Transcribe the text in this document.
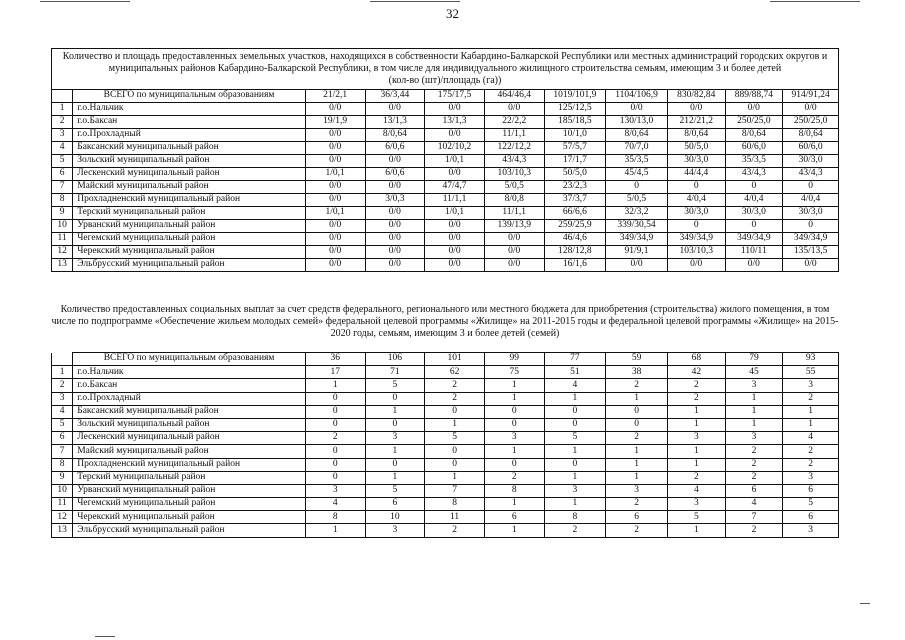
32
Количество и площадь предоставленных земельных участков, находящихся в собственности Кабардино-Балкарской Республики или местных администраций городских округов и муниципальных районов Кабардино-Балкарской Республики, в том числе для индивидуального жилищного строительства семьям, имеющим 3 и более детей
(кол-во (шт)/площадь (га))										

	ВСЕГО по муниципальным образованиям	21/2,1	36/3,44	175/17,5	464/46,4	1019/101,9	1104/106,9	830/82,84	889/88,74	914/91,24
1	г.о.Нальчик	0/0	0/0	0/0	0/0	125/12,5	0/0	0/0	0/0	0/0
2	г.о.Баксан	19/1,9	13/1,3	13/1,3	22/2,2	185/18,5	130/13,0	212/21,2	250/25,0	250/25,0
3	г.о.Прохладный	0/0	8/0,64	0/0	11/1,1	10/1,0	8/0,64	8/0,64	8/0,64	8/0,64
4	Баксанский муниципальный район	0/0	6/0,6	102/10,2	122/12,2	57/5,7	70/7,0	50/5,0	60/6,0	60/6,0
5	Зольский муниципальный район	0/0	0/0	1/0,1	43/4,3	17/1,7	35/3,5	30/3,0	35/3,5	30/3,0
6	Лескенский муниципальный район	1/0,1	6/0,6	0/0	103/10,3	50/5,0	45/4,5	44/4,4	43/4,3	43/4,3
7	Майский муниципальный район	0/0	0/0	47/4,7	5/0,5	23/2,3	0	0	0	0
8	Прохладненский муниципальный район	0/0	3/0,3	11/1,1	8/0,8	37/3,7	5/0,5	4/0,4	4/0,4	4/0,4
9	Терский муниципальный район	1/0,1	0/0	1/0,1	11/1,1	66/6,6	32/3,2	30/3,0	30/3,0	30/3,0
10	Урванский муниципальный район	0/0	0/0	0/0	139/13,9	259/25,9	339/30,54	0	0	0
11	Чегемский муниципальный район	0/0	0/0	0/0	0/0	46/4,6	349/34,9	349/34,9	349/34,9	349/34,9
12	Черекский муниципальный район	0/0	0/0	0/0	0/0	128/12,8	91/9,1	103/10,3	110/11	135/13,5
13	Эльбрусский муниципальный район	0/0	0/0	0/0	0/0	16/1,6	0/0	0/0	0/0	0/0
Количество предоставленных социальных выплат за счет средств федерального, регионального или местного бюджета для приобретения (строительства) жилого помещения, в том числе по подпрограмме «Обеспечение жильем молодых семей» федеральной целевой программы «Жилище» на 2011-2015 годы и федеральной целевой программы «Жилище» на 2015-2020 годы, семьям, имеющим 3 и более детей (семей)
	ВСЕГО по муниципальным образованиям	36	106	101	99	77	59	68	79	93
1	г.о.Нальчик	17	71	62	75	51	38	42	45	55
2	г.о.Баксан	1	5	2	1	4	2	2	3	3
3	г.о.Прохладный	0	0	2	1	1	1	2	1	2
4	Баксанский муниципальный район	0	1	0	0	0	0	1	1	1
5	Зольский муниципальный район	0	0	1	0	0	0	1	1	1
6	Лескенский муниципальный район	2	3	5	3	5	2	3	3	4
7	Майский муниципальный район	0	1	0	1	1	1	1	2	2
8	Прохладненский муниципальный район	0	0	0	0	0	1	1	2	2
9	Терский муниципальный район	0	1	1	2	1	1	2	2	3
10	Урванский муниципальный район	3	5	7	8	3	3	4	6	6
11	Чегемский муниципальный район	4	6	8	1	1	2	3	4	5
12	Черекский муниципальный район	8	10	11	6	8	6	5	7	6
13	Эльбрусский муниципальный район	1	3	2	1	2	2	1	2	3
